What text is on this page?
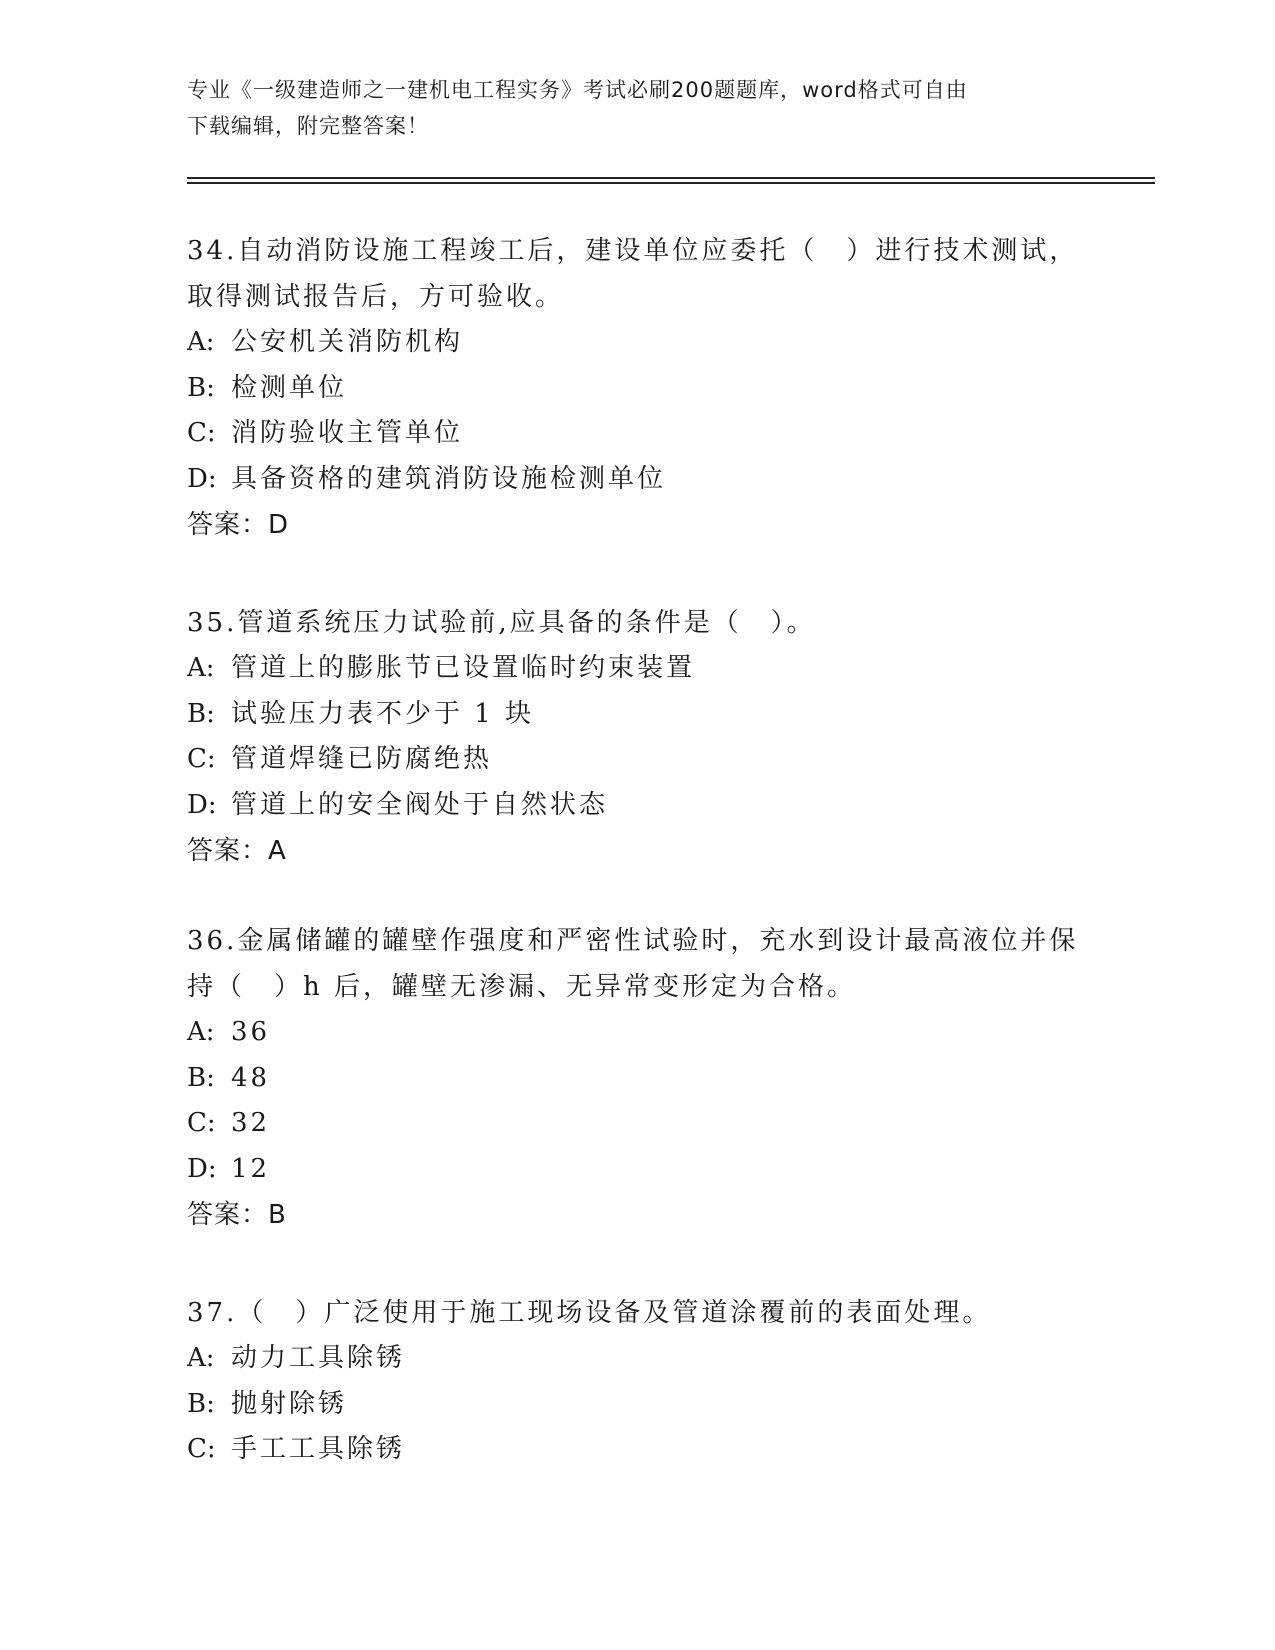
专业《一级建造师之一建机电工程实务》考试必刷200题题库，word格式可自由
下载编辑，附完整答案！

34.自动消防设施工程竣工后，建设单位应委托（　）进行技术测试，

取得测试报告后，方可验收。

A: 公安机关消防机构

B: 检测单位

C: 消防验收主管单位

D: 具备资格的建筑消防设施检测单位

答案：D

35.管道系统压力试验前,应具备的条件是（　）。

A: 管道上的膨胀节已设置临时约束装置

B: 试验压力表不少于 1 块

C: 管道焊缝已防腐绝热

D: 管道上的安全阀处于自然状态

答案：A

36.金属储罐的罐壁作强度和严密性试验时，充水到设计最高液位并保

持（　）h 后，罐壁无渗漏、无异常变形定为合格。

A: 36

B: 48

C: 32

D: 12

答案：B

37.（　）广泛使用于施工现场设备及管道涂覆前的表面处理。

A: 动力工具除锈

B: 抛射除锈

C: 手工工具除锈
